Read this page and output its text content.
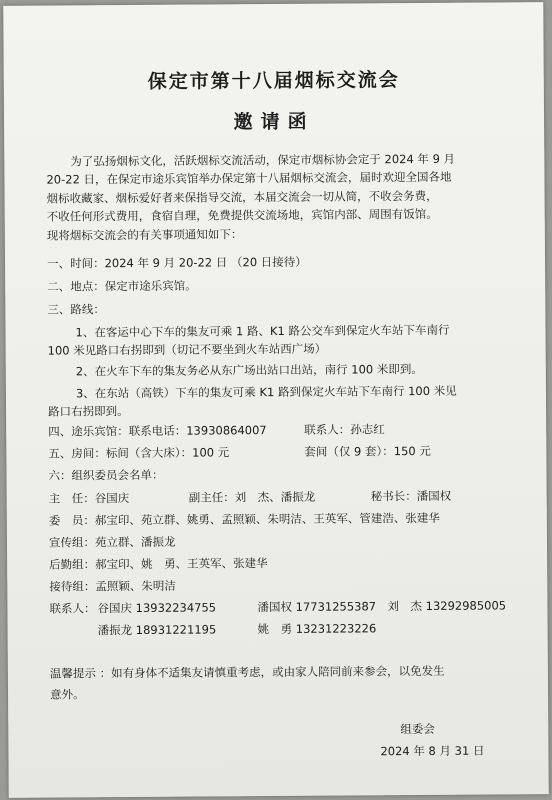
保定市第十八届烟标交流会
邀请函
为了弘扬烟标文化，活跃烟标交流活动，保定市烟标协会定于 2024 年 9 月
20-22 日，在保定市途乐宾馆举办保定第十八届烟标交流会，届时欢迎全国各地
烟标收藏家、烟标爱好者来保指导交流，本届交流会一切从简，不收会务费，
不收任何形式费用，食宿自理，免费提供交流场地，宾馆内部、周围有饭馆。
现将烟标交流会的有关事项通知如下：
一、时间：2024 年 9 月 20-22 日 （20 日接待）
二、地点：保定市途乐宾馆。
三、路线：
1、在客运中心下车的集友可乘 1 路、K1 路公交车到保定火车站下车南行
100 米见路口右拐即到（切记不要坐到火车站西广场）
2、在火车下车的集友务必从东广场出站口出站，南行 100 米即到。
3、在东站（高铁）下车的集友可乘 K1 路到保定火车站下车南行 100 米见
路口右拐即到。
四、途乐宾馆：联系电话：13930864007	联系人：孙志红
五、房间：标间（含大床）：100 元	套间（仅 9 套）：150 元
六：组织委员会名单：
主　任：谷国庆	副主任：刘　杰、潘振龙	秘书长：潘国权
委　员：郝宝印、苑立群、姚勇、孟照颖、朱明洁、王英军、管建浩、张建华
宣传组：苑立群、潘振龙
后勤组：郝宝印、姚　勇、王英军、张建华
接待组：孟照颖、朱明洁
联系人： 谷国庆 13932234755	潘国权 17731255387 刘　杰 13292985005
潘振龙 18931221195	姚　勇 13231223226
温馨提示 ：如有身体不适集友请慎重考虑，或由家人陪同前来参会，以免发生
意外。
组委会
2024 年 8 月 31 日
